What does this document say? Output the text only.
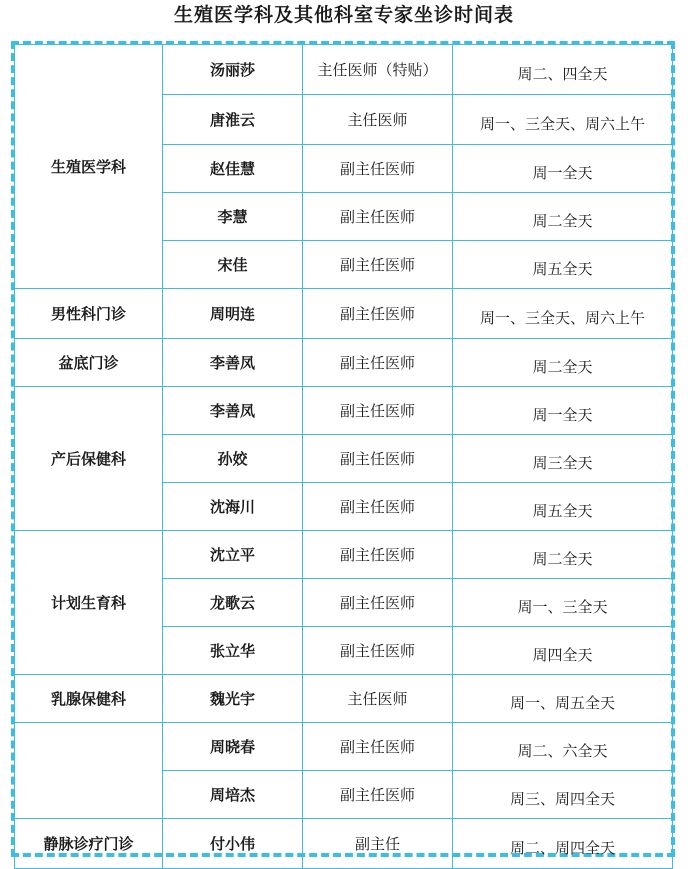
生殖医学科及其他科室专家坐诊时间表
生殖医学科	汤丽莎	主任医师（特贴）	周二、四全天
	唐淮云	主任医师	周一、三全天、周六上午
	赵佳慧	副主任医师	周一全天
	李慧	副主任医师	周二全天
	宋佳	副主任医师	周五全天
男性科门诊	周明连	副主任医师	周一、三全天、周六上午
盆底门诊	李善凤	副主任医师	周二全天
产后保健科	李善凤	副主任医师	周一全天
	孙姣	副主任医师	周三全天
	沈海川	副主任医师	周五全天
计划生育科	沈立平	副主任医师	周二全天
	龙歌云	副主任医师	周一、三全天
	张立华	副主任医师	周四全天
乳腺保健科	魏光宇	主任医师	周一、周五全天
	周晓春	副主任医师	周二、六全天
	周培杰	副主任医师	周三、周四全天
静脉诊疗门诊	付小伟	副主任	周二、周四全天
